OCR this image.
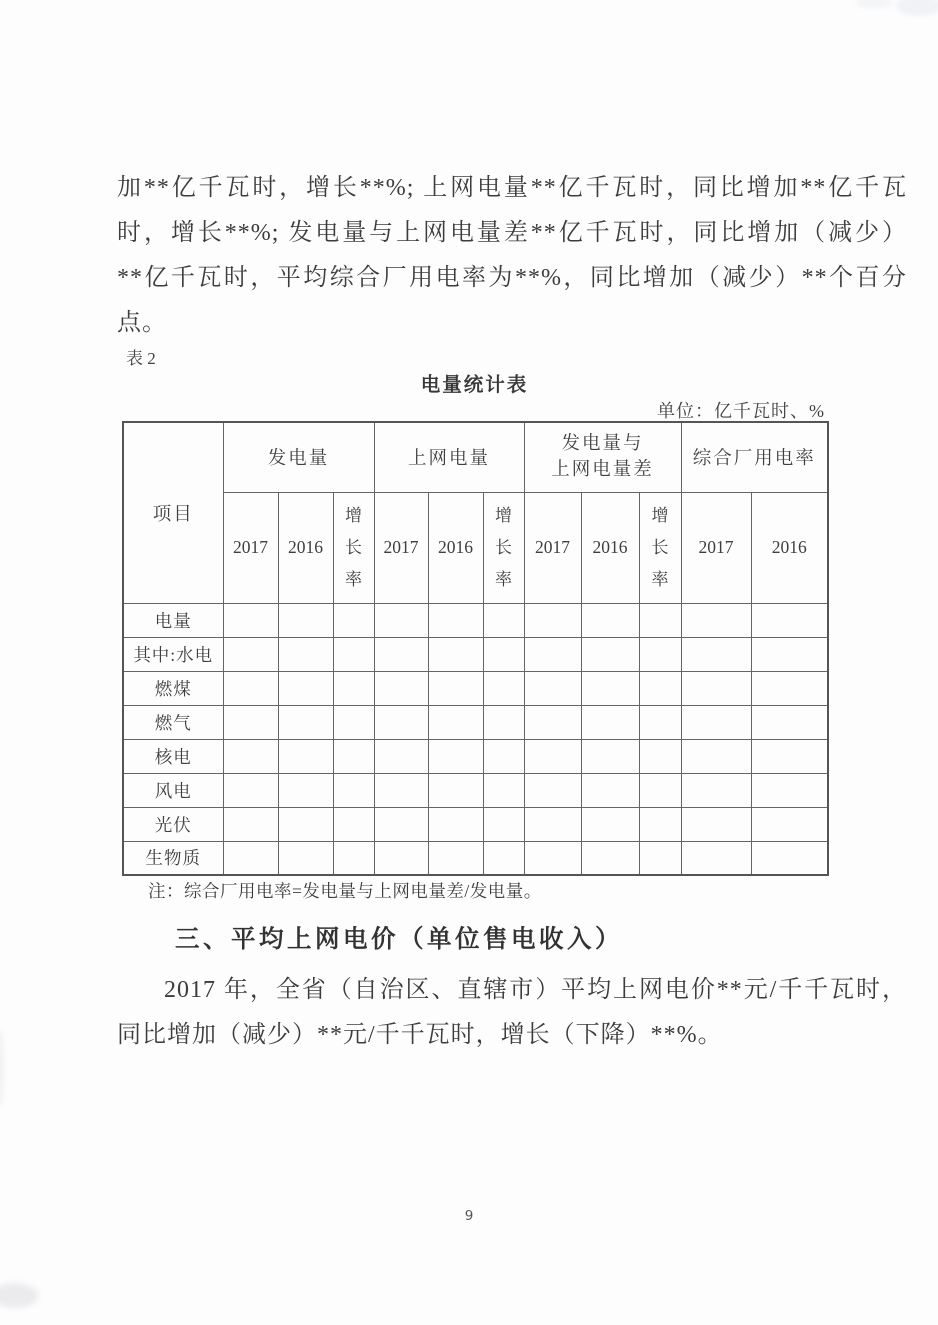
加**亿千瓦时，增长**%; 上网电量**亿千瓦时，同比增加**亿千瓦
时，增长**%; 发电量与上网电量差**亿千瓦时，同比增加（减少）
**亿千瓦时，平均综合厂用电率为**%，同比增加（减少）**个百分
点。
表 2
电量统计表
单位：亿千瓦时、%
项目	发电量			上网电量			发电量与
上网电量差			综合厂用电率	
	2017	2016	增长率	2017	2016	增长率	2017	2016	增长率	2017	2016
电量											
其中:水电											
燃煤											
燃气											
核电											
风电											
光伏											
生物质											
注：综合厂用电率=发电量与上网电量差/发电量。
三、平均上网电价（单位售电收入）
2017 年，全省（自治区、直辖市）平均上网电价**元/千千瓦时，
同比增加（减少）**元/千千瓦时，增长（下降）**%。
9
